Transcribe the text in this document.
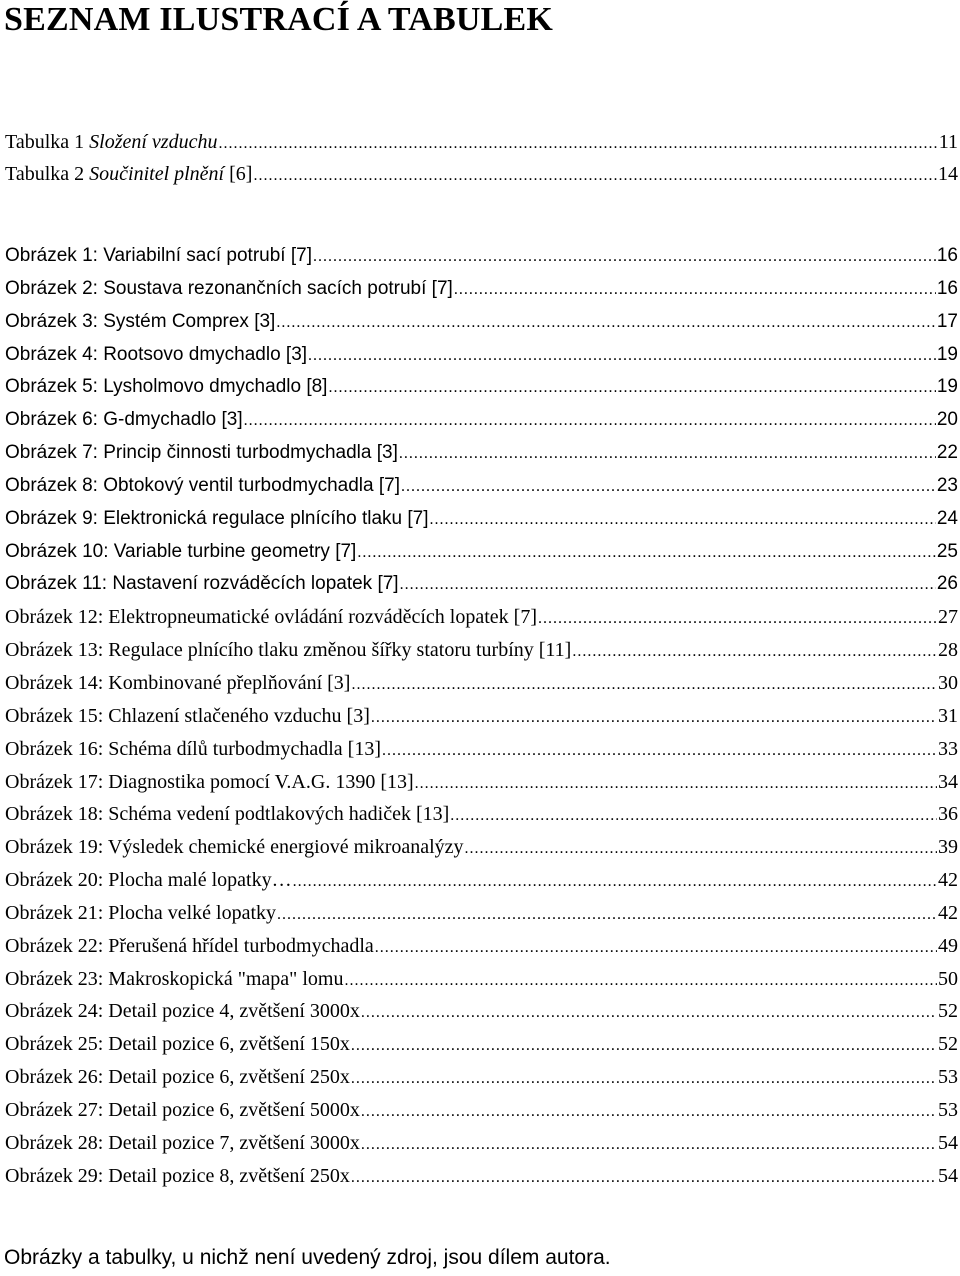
SEZNAM ILUSTRACÍ A TABULEK
Tabulka 1 Složení vzduchu .....	11
Tabulka 2 Součinitel plnění [6] .....	14
Obrázek 1: Variabilní sací potrubí [7] .....	16
Obrázek 2: Soustava rezonančních sacích potrubí [7] .....	16
Obrázek 3: Systém Comprex [3] .....	17
Obrázek 4: Rootsovo dmychadlo [3] .....	19
Obrázek 5: Lysholmovo dmychadlo [8] .....	19
Obrázek 6: G-dmychadlo [3] .....	20
Obrázek 7: Princip činnosti turbodmychadla [3] .....	22
Obrázek 8: Obtokový ventil turbodmychadla [7] .....	23
Obrázek 9: Elektronická regulace plnícího tlaku [7] .....	24
Obrázek 10: Variable turbine geometry [7] .....	25
Obrázek 11: Nastavení rozváděcích lopatek [7] .....	26
Obrázek 12: Elektropneumatické ovládání rozváděcích lopatek [7] .....	27
Obrázek 13: Regulace plnícího tlaku změnou šířky statoru turbíny [11] .....	28
Obrázek 14: Kombinované přeplňování [3] .....	30
Obrázek 15: Chlazení stlačeného vzduchu [3] .....	31
Obrázek 16: Schéma dílů turbodmychadla [13] .....	33
Obrázek 17: Diagnostika pomocí V.A.G. 1390 [13] .....	34
Obrázek 18: Schéma vedení podtlakových hadiček [13] .....	36
Obrázek 19: Výsledek chemické energiové mikroanalýzy .....	39
Obrázek 20: Plocha malé lopatky… .....	42
Obrázek 21: Plocha velké lopatky .....	42
Obrázek 22: Přerušená hřídel turbodmychadla .....	49
Obrázek 23: Makroskopická "mapa" lomu .....	50
Obrázek 24: Detail pozice 4, zvětšení 3000x .....	52
Obrázek 25: Detail pozice 6, zvětšení 150x .....	52
Obrázek 26: Detail pozice 6, zvětšení 250x .....	53
Obrázek 27: Detail pozice 6, zvětšení 5000x .....	53
Obrázek 28: Detail pozice 7, zvětšení 3000x .....	54
Obrázek 29: Detail pozice 8, zvětšení 250x .....	54

Obrázky a tabulky, u nichž není uvedený zdroj, jsou dílem autora.
